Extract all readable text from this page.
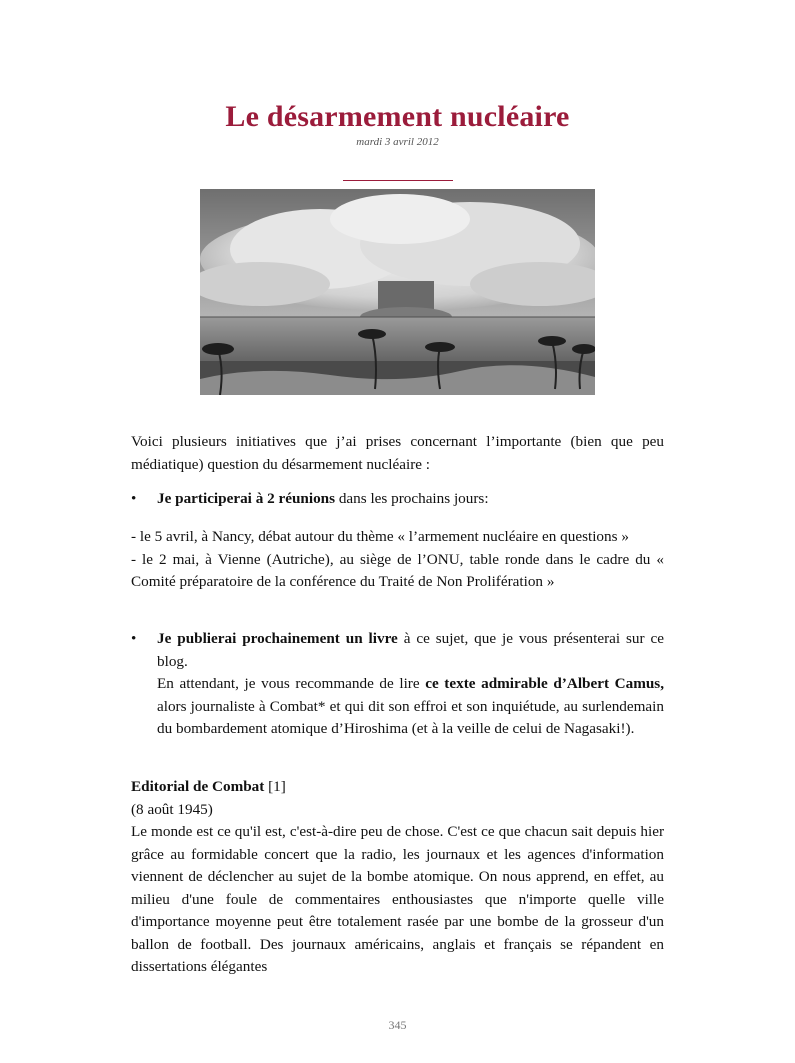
Le désarmement nucléaire
mardi 3 avril 2012

Voici plusieurs initiatives que j’ai prises concernant l’importante (bien que peu médiatique) question du désarmement nucléaire :

• Je participerai à 2 réunions dans les prochains jours:

- le 5 avril, à Nancy, débat autour du thème « l’armement nucléaire en questions »

- le 2 mai, à Vienne (Autriche), au siège de l’ONU, table ronde dans le cadre du « Comité préparatoire de la conférence du Traité de Non Prolifération »

• Je publierai prochainement un livre à ce sujet, que je vous présenterai sur ce blog.

En attendant, je vous recommande de lire ce texte admirable d’Albert Camus, alors journaliste à Combat* et qui dit son effroi et son inquiétude, au surlendemain du bombardement atomique d’Hiroshima (et à la veille de celui de Nagasaki!).

Editorial de Combat [1]

(8 août 1945)

Le monde est ce qu'il est, c'est-à-dire peu de chose. C'est ce que chacun sait depuis hier grâce au formidable concert que la radio, les journaux et les agences d'information viennent de déclencher au sujet de la bombe atomique. On nous apprend, en effet, au milieu d'une foule de commentaires enthousiastes que n'importe quelle ville d'importance moyenne peut être totalement rasée par une bombe de la grosseur d'un ballon de football. Des journaux américains, anglais et français se répandent en dissertations élégantes

345
